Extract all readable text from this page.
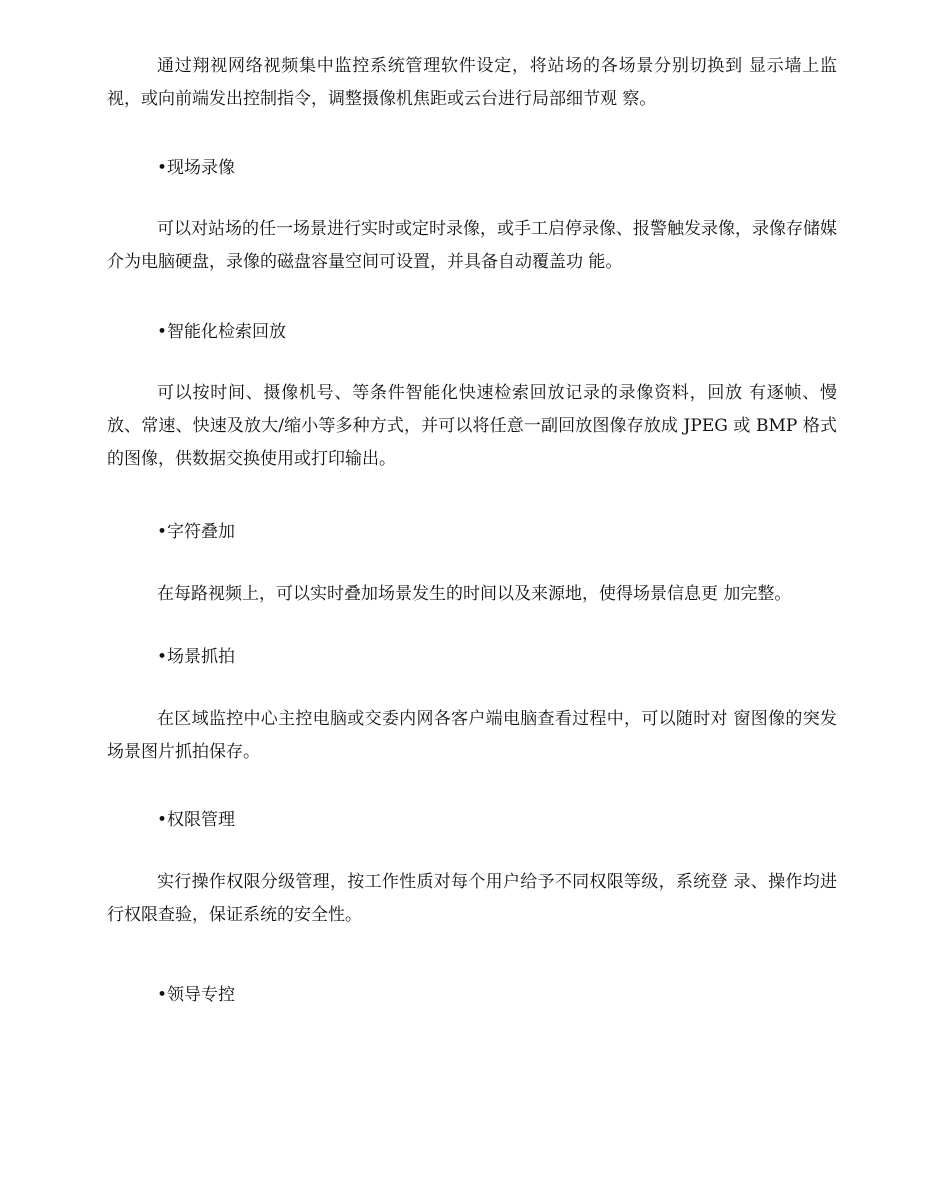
通过翔视网络视频集中监控系统管理软件设定，将站场的各场景分别切换到 显示墙上监视，或向前端发出控制指令，调整摄像机焦距或云台进行局部细节观 察。

•现场录像

可以对站场的任一场景进行实时或定时录像，或手工启停录像、报警触发录像，录像存储媒介为电脑硬盘，录像的磁盘容量空间可设置，并具备自动覆盖功 能。

•智能化检索回放

可以按时间、摄像机号、等条件智能化快速检索回放记录的录像资料，回放 有逐帧、慢放、常速、快速及放大/缩小等多种方式，并可以将任意一副回放图像存放成 JPEG 或 BMP 格式的图像，供数据交换使用或打印输出。

•字符叠加

在每路视频上，可以实时叠加场景发生的时间以及来源地，使得场景信息更 加完整。

•场景抓拍

在区域监控中心主控电脑或交委内网各客户端电脑查看过程中，可以随时对 窗图像的突发场景图片抓拍保存。

•权限管理

实行操作权限分级管理，按工作性质对每个用户给予不同权限等级，系统登 录、操作均进行权限查验，保证系统的安全性。

•领导专控
